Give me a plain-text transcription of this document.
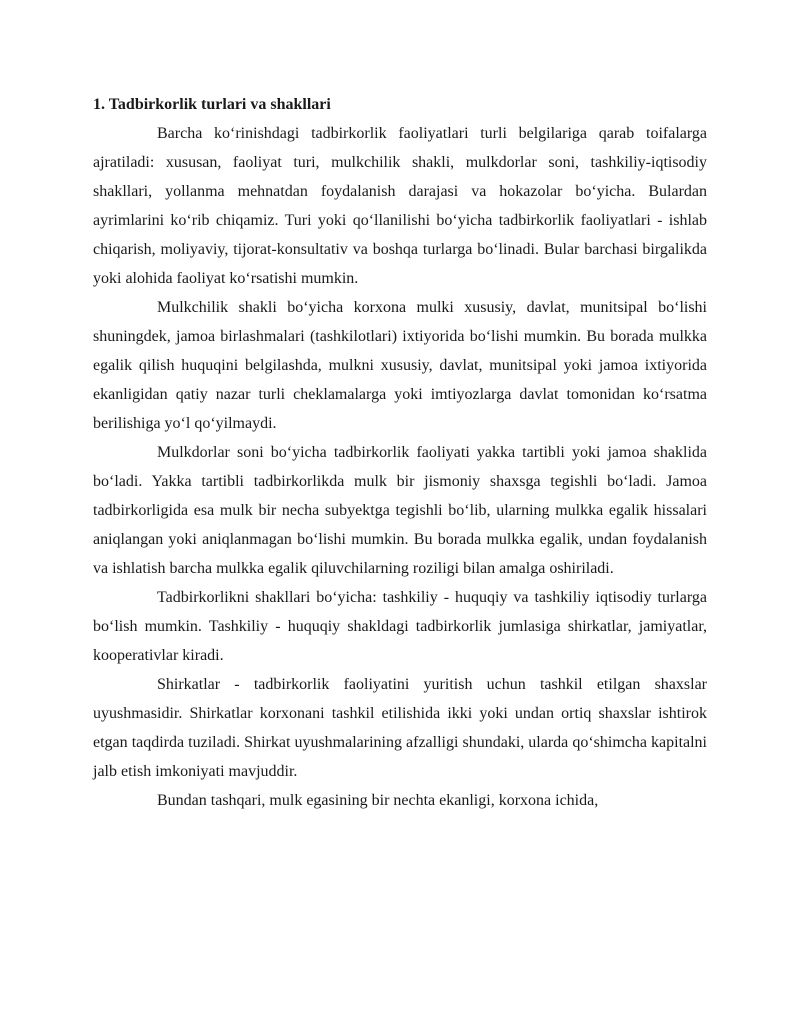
1. Tadbirkorlik turlari va shakllari

Barcha koʻrinishdagi tadbirkorlik faoliyatlari turli belgilariga qarab toifalarga ajratiladi: xususan, faoliyat turi, mulkchilik shakli, mulkdorlar soni, tashkiliy-iqtisodiy shakllari, yollanma mehnatdan foydalanish darajasi va hokazolar boʻyicha. Bulardan ayrimlarini koʻrib chiqamiz. Turi yoki qoʻllanilishi boʻyicha tadbirkorlik faoliyatlari - ishlab chiqarish, moliyaviy, tijorat-konsultativ va boshqa turlarga boʻlinadi. Bular barchasi birgalikda yoki alohida faoliyat koʻrsatishi mumkin.

Mulkchilik shakli boʻyicha korxona mulki xususiy, davlat, munitsipal boʻlishi shuningdek, jamoa birlashmalari (tashkilotlari) ixtiyorida boʻlishi mumkin. Bu borada mulkka egalik qilish huquqini belgilashda, mulkni xususiy, davlat, munitsipal yoki jamoa ixtiyorida ekanligidan qatiy nazar turli cheklamalarga yoki imtiyozlarga davlat tomonidan koʻrsatma berilishiga yoʻl qoʻyilmaydi.

Mulkdorlar soni boʻyicha tadbirkorlik faoliyati yakka tartibli yoki jamoa shaklida boʻladi. Yakka tartibli tadbirkorlikda mulk bir jismoniy shaxsga tegishli boʻladi. Jamoa tadbirkorligida esa mulk bir necha subyektga tegishli boʻlib, ularning mulkka egalik hissalari aniqlangan yoki aniqlanmagan boʻlishi mumkin. Bu borada mulkka egalik, undan foydalanish va ishlatish barcha mulkka egalik qiluvchilarning roziligi bilan amalga oshiriladi.

Tadbirkorlikni shakllari boʻyicha: tashkiliy - huquqiy va tashkiliy iqtisodiy turlarga boʻlish mumkin. Tashkiliy - huquqiy shakldagi tadbirkorlik jumlasiga shirkatlar, jamiyatlar, kooperativlar kiradi.

Shirkatlar - tadbirkorlik faoliyatini yuritish uchun tashkil etilgan shaxslar uyushmasidir. Shirkatlar korxonani tashkil etilishida ikki yoki undan ortiq shaxslar ishtirok etgan taqdirda tuziladi. Shirkat uyushmalarining afzalligi shundaki, ularda qoʻshimcha kapitalni jalb etish imkoniyati mavjuddir.

Bundan tashqari, mulk egasining bir nechta ekanligi, korxona ichida,
